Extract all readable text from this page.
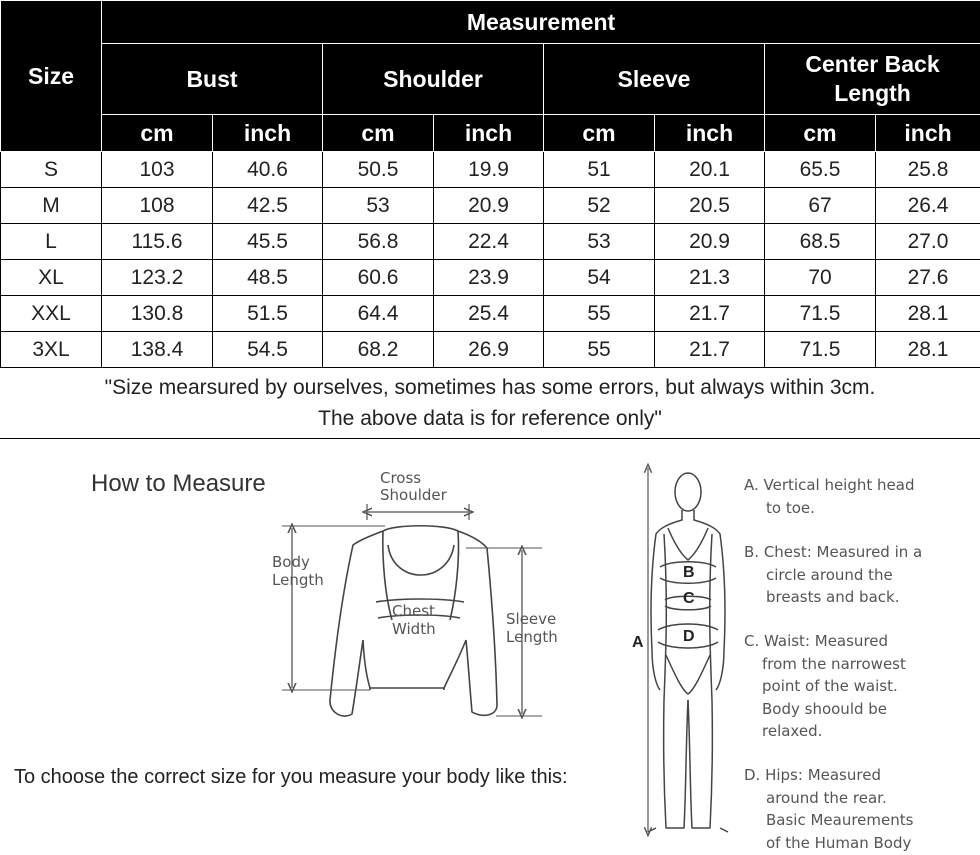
Size	Measurement							
	Bust		Shoulder		Sleeve		Center Back
Length	

	cm	inch	cm	inch	cm	inch	cm	inch
S	103	40.6	50.5	19.9	51	20.1	65.5	25.8
M	108	42.5	53	20.9	52	20.5	67	26.4
L	115.6	45.5	56.8	22.4	53	20.9	68.5	27.0
XL	123.2	48.5	60.6	23.9	54	21.3	70	27.6
XXL	130.8	51.5	64.4	25.4	55	21.7	71.5	28.1
3XL	138.4	54.5	68.2	26.9	55	21.7	71.5	28.1
"Size mearsured by ourselves, sometimes has some errors, but always within 3cm.
The above data is for reference only"
How to Measure
To choose the correct size for you measure your body like this:
Cross
Shoulder
Body
Length
Chest
Width
Sleeve
Length	A
B
C
D
A. Vertical height head
to toe.
B. Chest: Measured in a
circle around the
breasts and back.
C. Waist: Measured
from the narrowest
point of the waist.
Body shoould be
relaxed.
D. Hips: Measured
around the rear.
Basic Meaurements
of the Human Body
